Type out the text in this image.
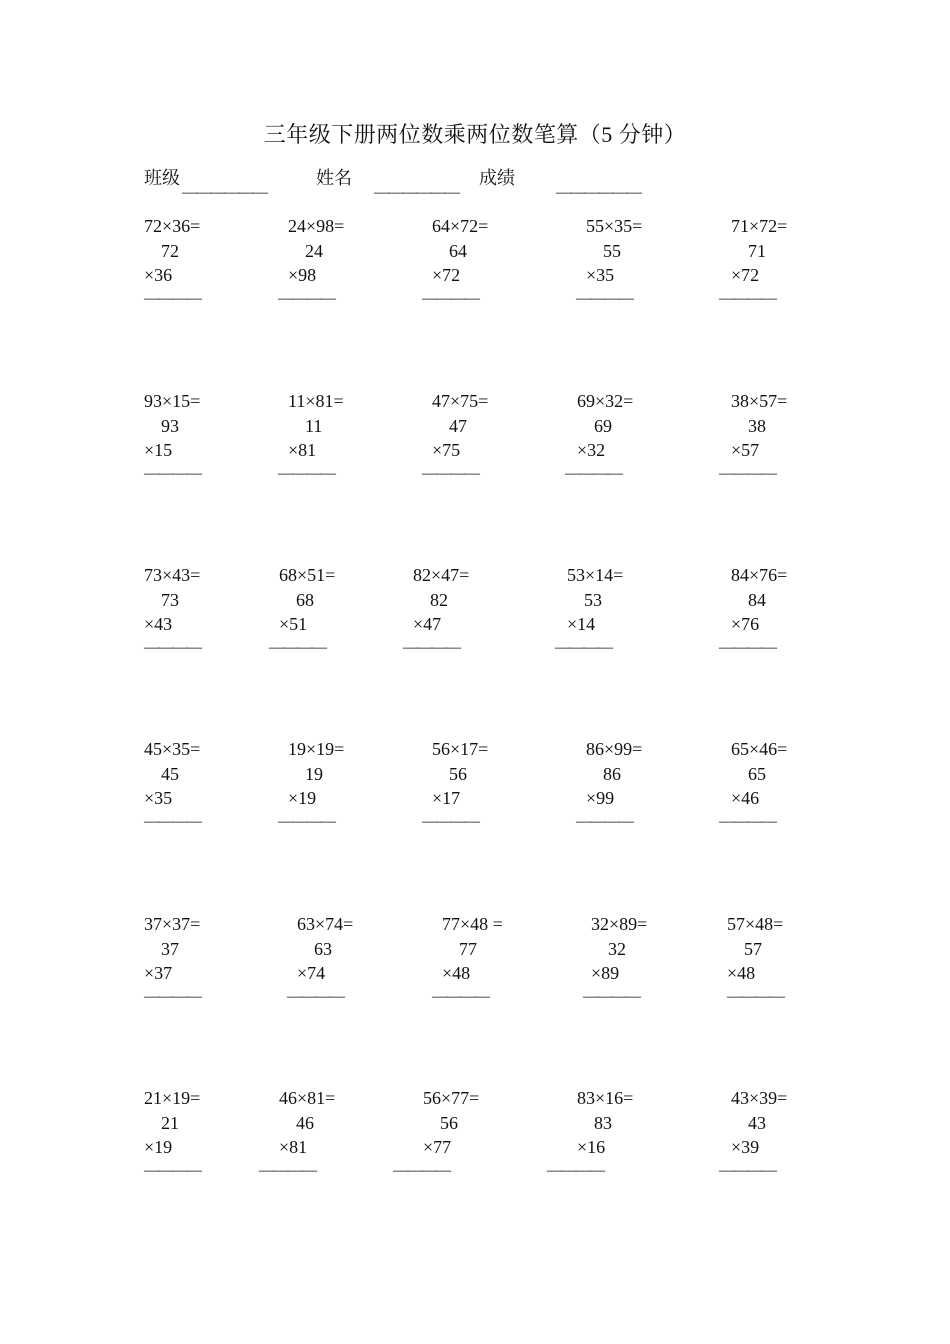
三年级下册两位数乘两位数笔算（5 分钟）
班级	姓名	成绩
——————	——————	——————
72×36=
72
×36
————
24×98=
24
×98
————
64×72=
64
×72
————
55×35=
55
×35
————
71×72=
71
×72
————
93×15=
93
×15
————
11×81=
11
×81
————
47×75=
47
×75
————
69×32=
69
×32
————
38×57=
38
×57
————
73×43=
73
×43
————
68×51=
68
×51
————
82×47=
82
×47
————
53×14=
53
×14
————
84×76=
84
×76
————
45×35=
45
×35
————
19×19=
19
×19
————
56×17=
56
×17
————
86×99=
86
×99
————
65×46=
65
×46
————
37×37=
37
×37
————
63×74=
63
×74
————
77×48 =
77
×48
————
32×89=
32
×89
————
57×48=
57
×48
————
21×19=
21
×19
————
46×81=
46
×81
————
56×77=
56
×77
————
83×16=
83
×16
————
43×39=
43
×39
————
